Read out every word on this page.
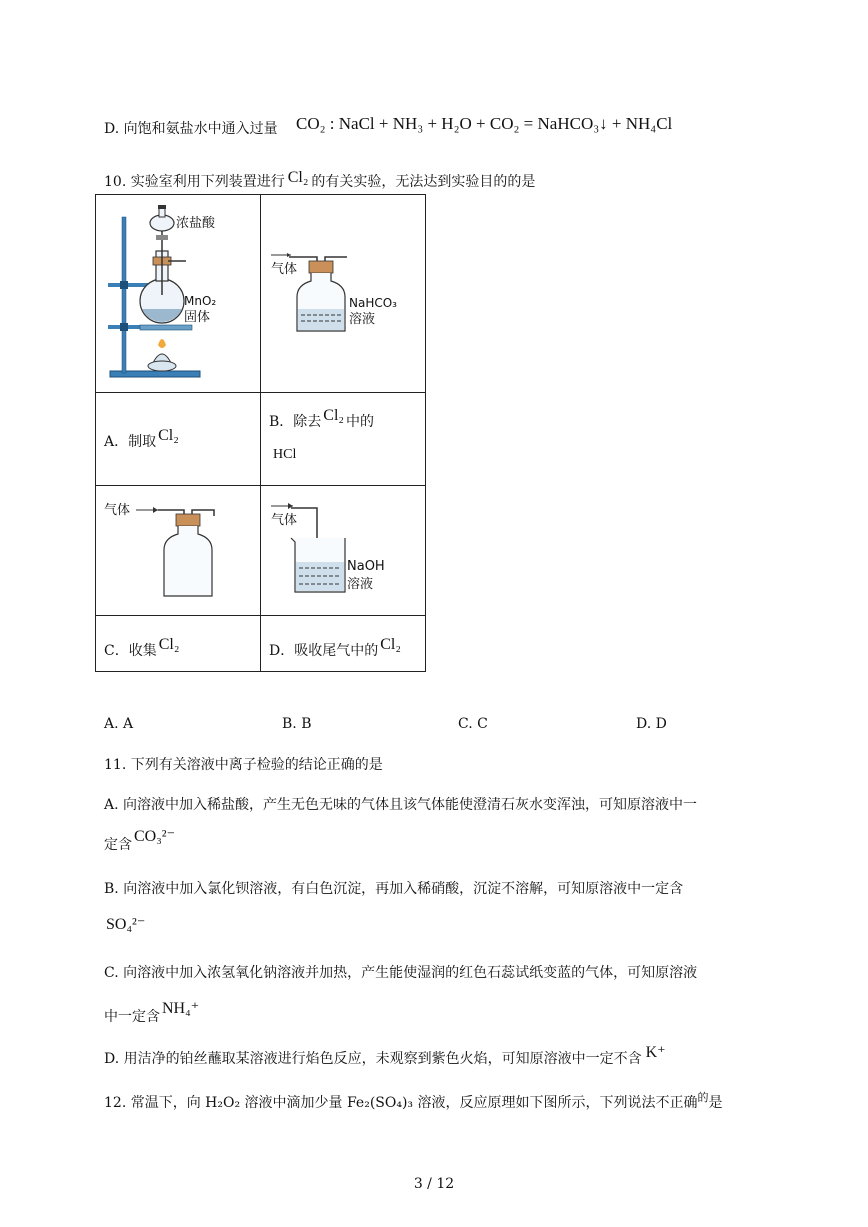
D. 向饱和氨盐水中通入过量 CO₂ : NaCl + NH₃ + H₂O + CO₂ = NaHCO₃↓ + NH₄Cl
10. 实验室利用下列装置进行 Cl₂ 的有关实验，无法达到实验目的的是
浓盐酸
MnO₂
固体	气体
NaHCO₃
溶液

A．制取 Cl₂	B．除去 Cl₂ 中的
HCl

气体	气体
NaOH
溶液

C．收集 Cl₂	D．吸收尾气中的 Cl₂
A. A	B. B	C. C	D. D
11. 下列有关溶液中离子检验的结论正确的是
A. 向溶液中加入稀盐酸，产生无色无味的气体且该气体能使澄清石灰水变浑浊，可知原溶液中一
定含 CO₃²⁻
B. 向溶液中加入氯化钡溶液，有白色沉淀，再加入稀硝酸，沉淀不溶解，可知原溶液中一定含
SO₄²⁻
C. 向溶液中加入浓氢氧化钠溶液并加热，产生能使湿润的红色石蕊试纸变蓝的气体，可知原溶液
中一定含 NH₄⁺
D. 用洁净的铂丝蘸取某溶液进行焰色反应，未观察到紫色火焰，可知原溶液中一定不含 K⁺
12. 常温下，向 H₂O₂ 溶液中滴加少量 Fe₂(SO₄)₃ 溶液，反应原理如下图所示，下列说法不正确$^的$是
3 / 12
